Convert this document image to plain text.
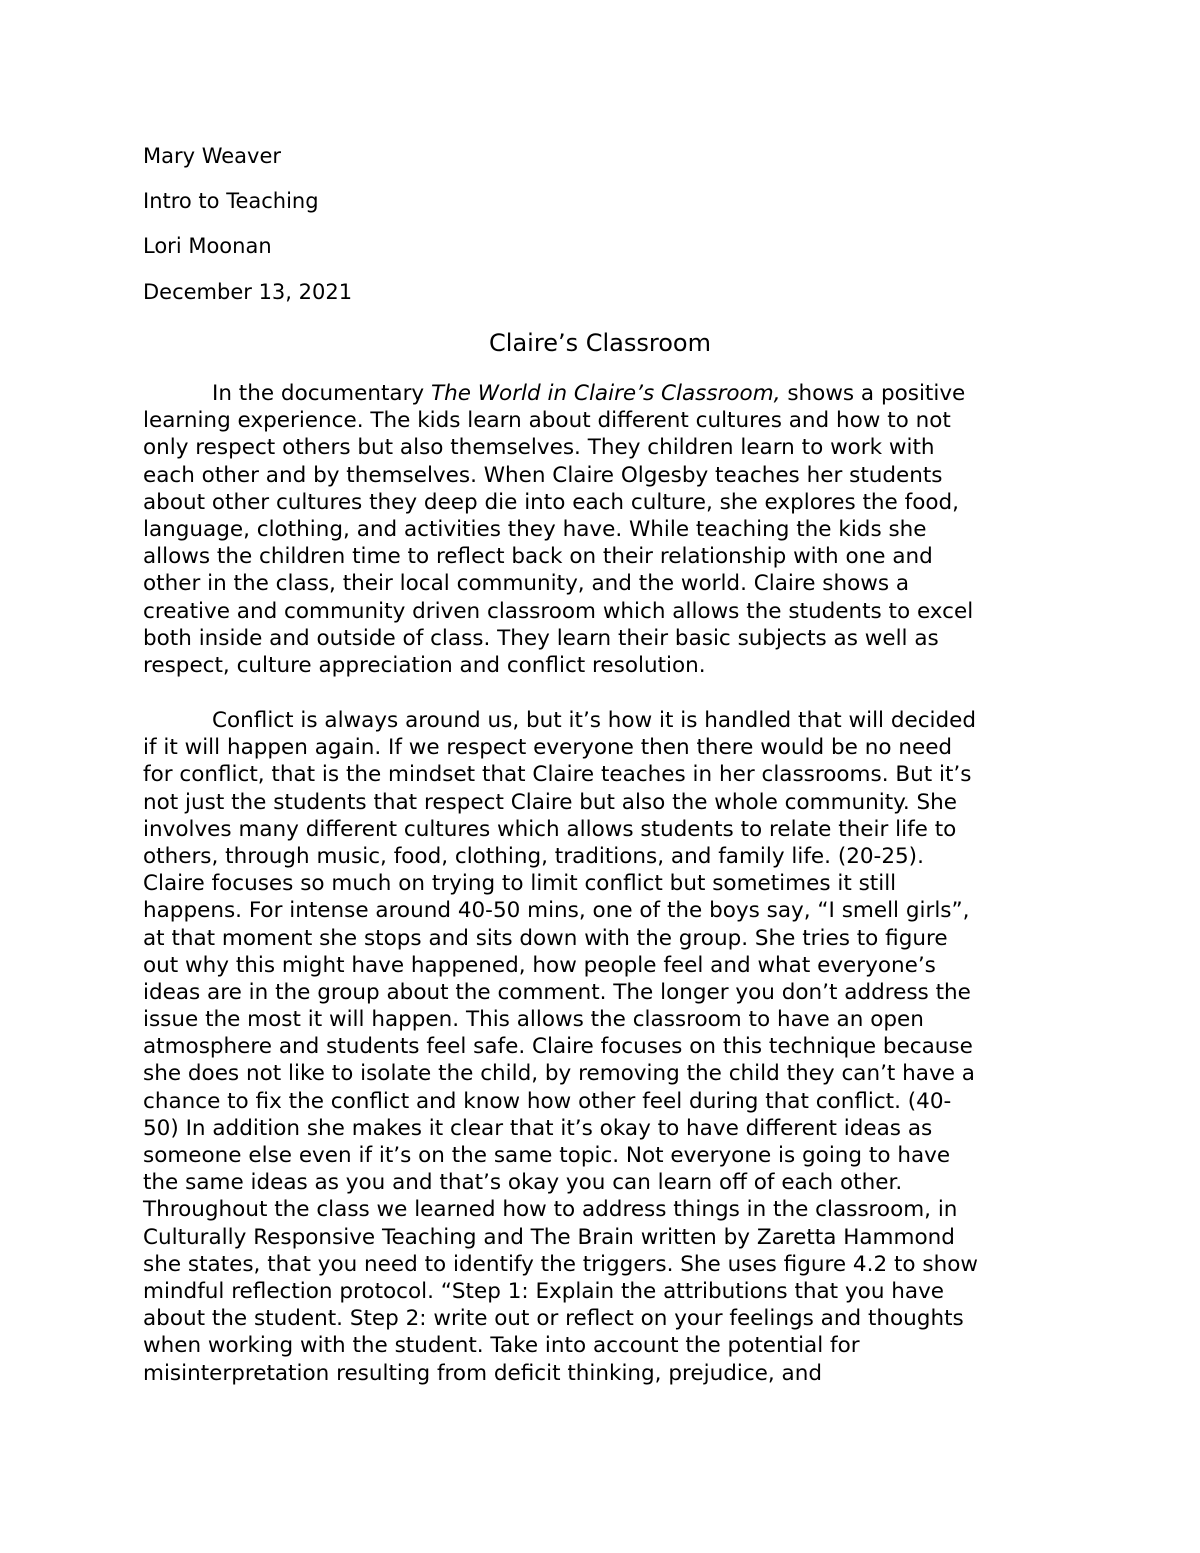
Mary Weaver

Intro to Teaching

Lori Moonan

December 13, 2021

Claire’s Classroom
In the documentary The World in Claire’s Classroom, shows a positive
learning experience. The kids learn about different cultures and how to not
only respect others but also themselves. They children learn to work with
each other and by themselves. When Claire Olgesby teaches her students
about other cultures they deep die into each culture, she explores the food,
language, clothing, and activities they have. While teaching the kids she
allows the children time to reflect back on their relationship with one and
other in the class, their local community, and the world. Claire shows a
creative and community driven classroom which allows the students to excel
both inside and outside of class. They learn their basic subjects as well as
respect, culture appreciation and conflict resolution.
Conflict is always around us, but it’s how it is handled that will decided
if it will happen again. If we respect everyone then there would be no need
for conflict, that is the mindset that Claire teaches in her classrooms. But it’s
not just the students that respect Claire but also the whole community. She
involves many different cultures which allows students to relate their life to
others, through music, food, clothing, traditions, and family life. (20-25).
Claire focuses so much on trying to limit conflict but sometimes it still
happens. For intense around 40-50 mins, one of the boys say, “I smell girls”,
at that moment she stops and sits down with the group. She tries to figure
out why this might have happened, how people feel and what everyone’s
ideas are in the group about the comment. The longer you don’t address the
issue the most it will happen. This allows the classroom to have an open
atmosphere and students feel safe. Claire focuses on this technique because
she does not like to isolate the child, by removing the child they can’t have a
chance to fix the conflict and know how other feel during that conflict. (40-
50) In addition she makes it clear that it’s okay to have different ideas as
someone else even if it’s on the same topic. Not everyone is going to have
the same ideas as you and that’s okay you can learn off of each other.
Throughout the class we learned how to address things in the classroom, in
Culturally Responsive Teaching and The Brain written by Zaretta Hammond
she states, that you need to identify the triggers. She uses figure 4.2 to show
mindful reflection protocol. “Step 1: Explain the attributions that you have
about the student. Step 2: write out or reflect on your feelings and thoughts
when working with the student. Take into account the potential for
misinterpretation resulting from deficit thinking, prejudice, and
